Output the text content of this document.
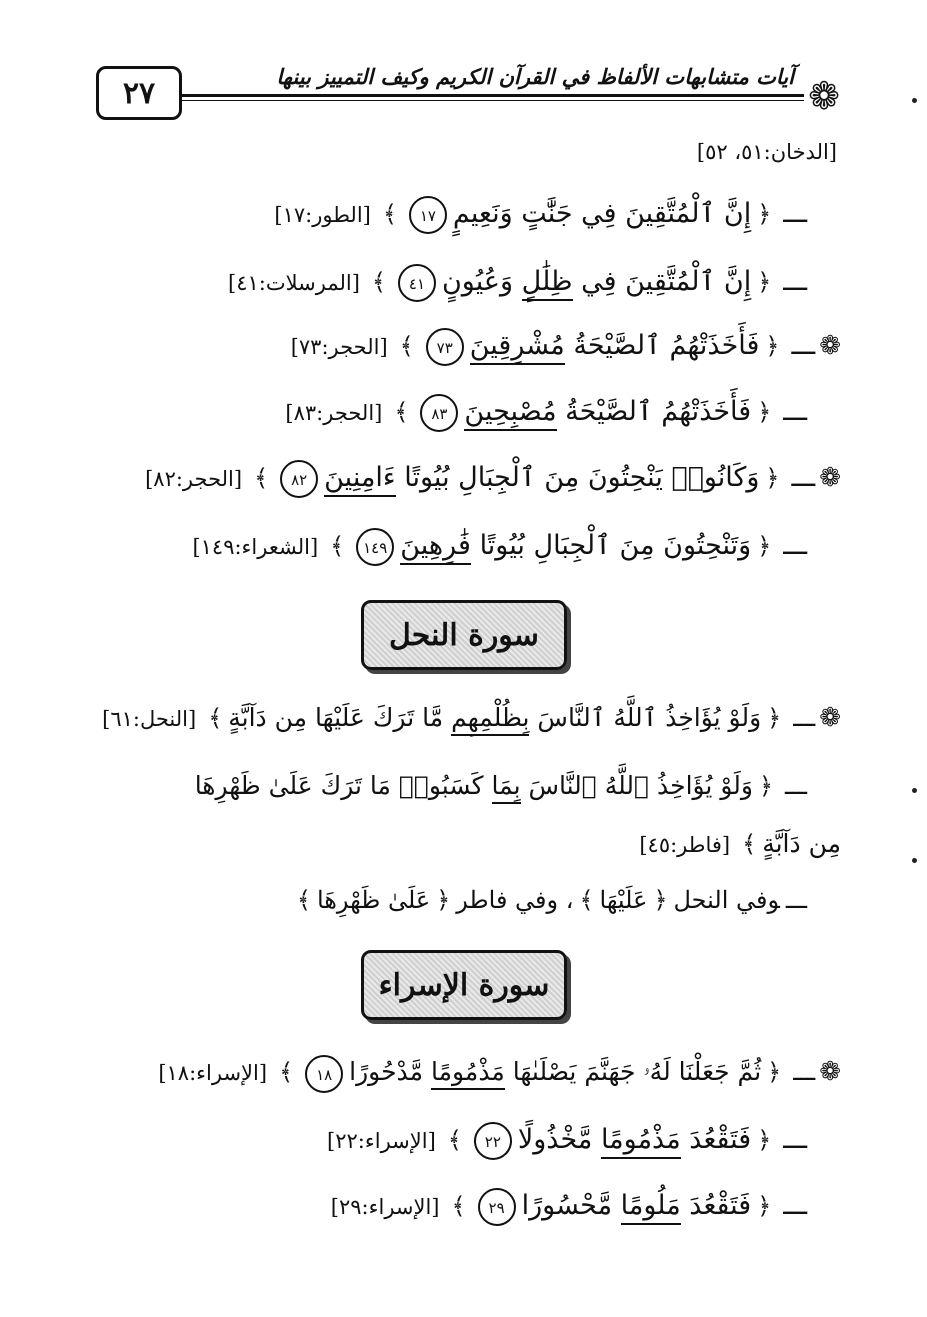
٢٧	آيات متشابهات الألفاظ في القرآن الكريم وكيف التمييز بينها ❁
[الدخان:٥١، ٥٢]
ـــ﴿إِنَّ ٱلْمُتَّقِينَ فِي جَنَّٰتٍ وَنَعِيمٍ١٧﴾[الطور:١٧]
ـــ﴿إِنَّ ٱلْمُتَّقِينَ فِي ظِلَٰلٍ وَعُيُونٍ٤١﴾[المرسلات:٤١]
❁ـــ﴿فَأَخَذَتْهُمُ ٱلصَّيْحَةُ مُشْرِقِينَ٧٣﴾[الحجر:٧٣]
ـــ﴿فَأَخَذَتْهُمُ ٱلصَّيْحَةُ مُصْبِحِينَ٨٣﴾[الحجر:٨٣]
❁ـــ﴿وَكَانُوا۟ يَنْحِتُونَ مِنَ ٱلْجِبَالِ بُيُوتًا ءَامِنِينَ٨٢﴾[الحجر:٨٢]
ـــ﴿وَتَنْحِتُونَ مِنَ ٱلْجِبَالِ بُيُوتًا فَٰرِهِينَ١٤٩﴾[الشعراء:١٤٩]
سورة النحل
❁ـــ﴿وَلَوْ يُؤَاخِذُ ٱللَّهُ ٱلنَّاسَ بِظُلْمِهِم مَّا تَرَكَ عَلَيْهَا مِن دَآبَّةٍ﴾[النحل:٦١]
ـــ﴿وَلَوْ يُؤَاخِذُ ٱللَّهُ ٱلنَّاسَ بِمَا كَسَبُوا۟ مَا تَرَكَ عَلَىٰ ظَهْرِهَا
مِن دَآبَّةٍ﴾[فاطر:٤٥]
ـــوفي النحل﴿عَلَيْهَا﴾، وفي فاطر﴿عَلَىٰ ظَهْرِهَا﴾
سورة الإسراء
❁ـــ﴿ثُمَّ جَعَلْنَا لَهُۥ جَهَنَّمَ يَصْلَىٰهَا مَذْمُومًا مَّدْحُورًا١٨﴾[الإسراء:١٨]
ـــ﴿فَتَقْعُدَ مَذْمُومًا مَّخْذُولًا٢٢﴾[الإسراء:٢٢]
ـــ﴿فَتَقْعُدَ مَلُومًا مَّحْسُورًا٢٩﴾[الإسراء:٢٩]
